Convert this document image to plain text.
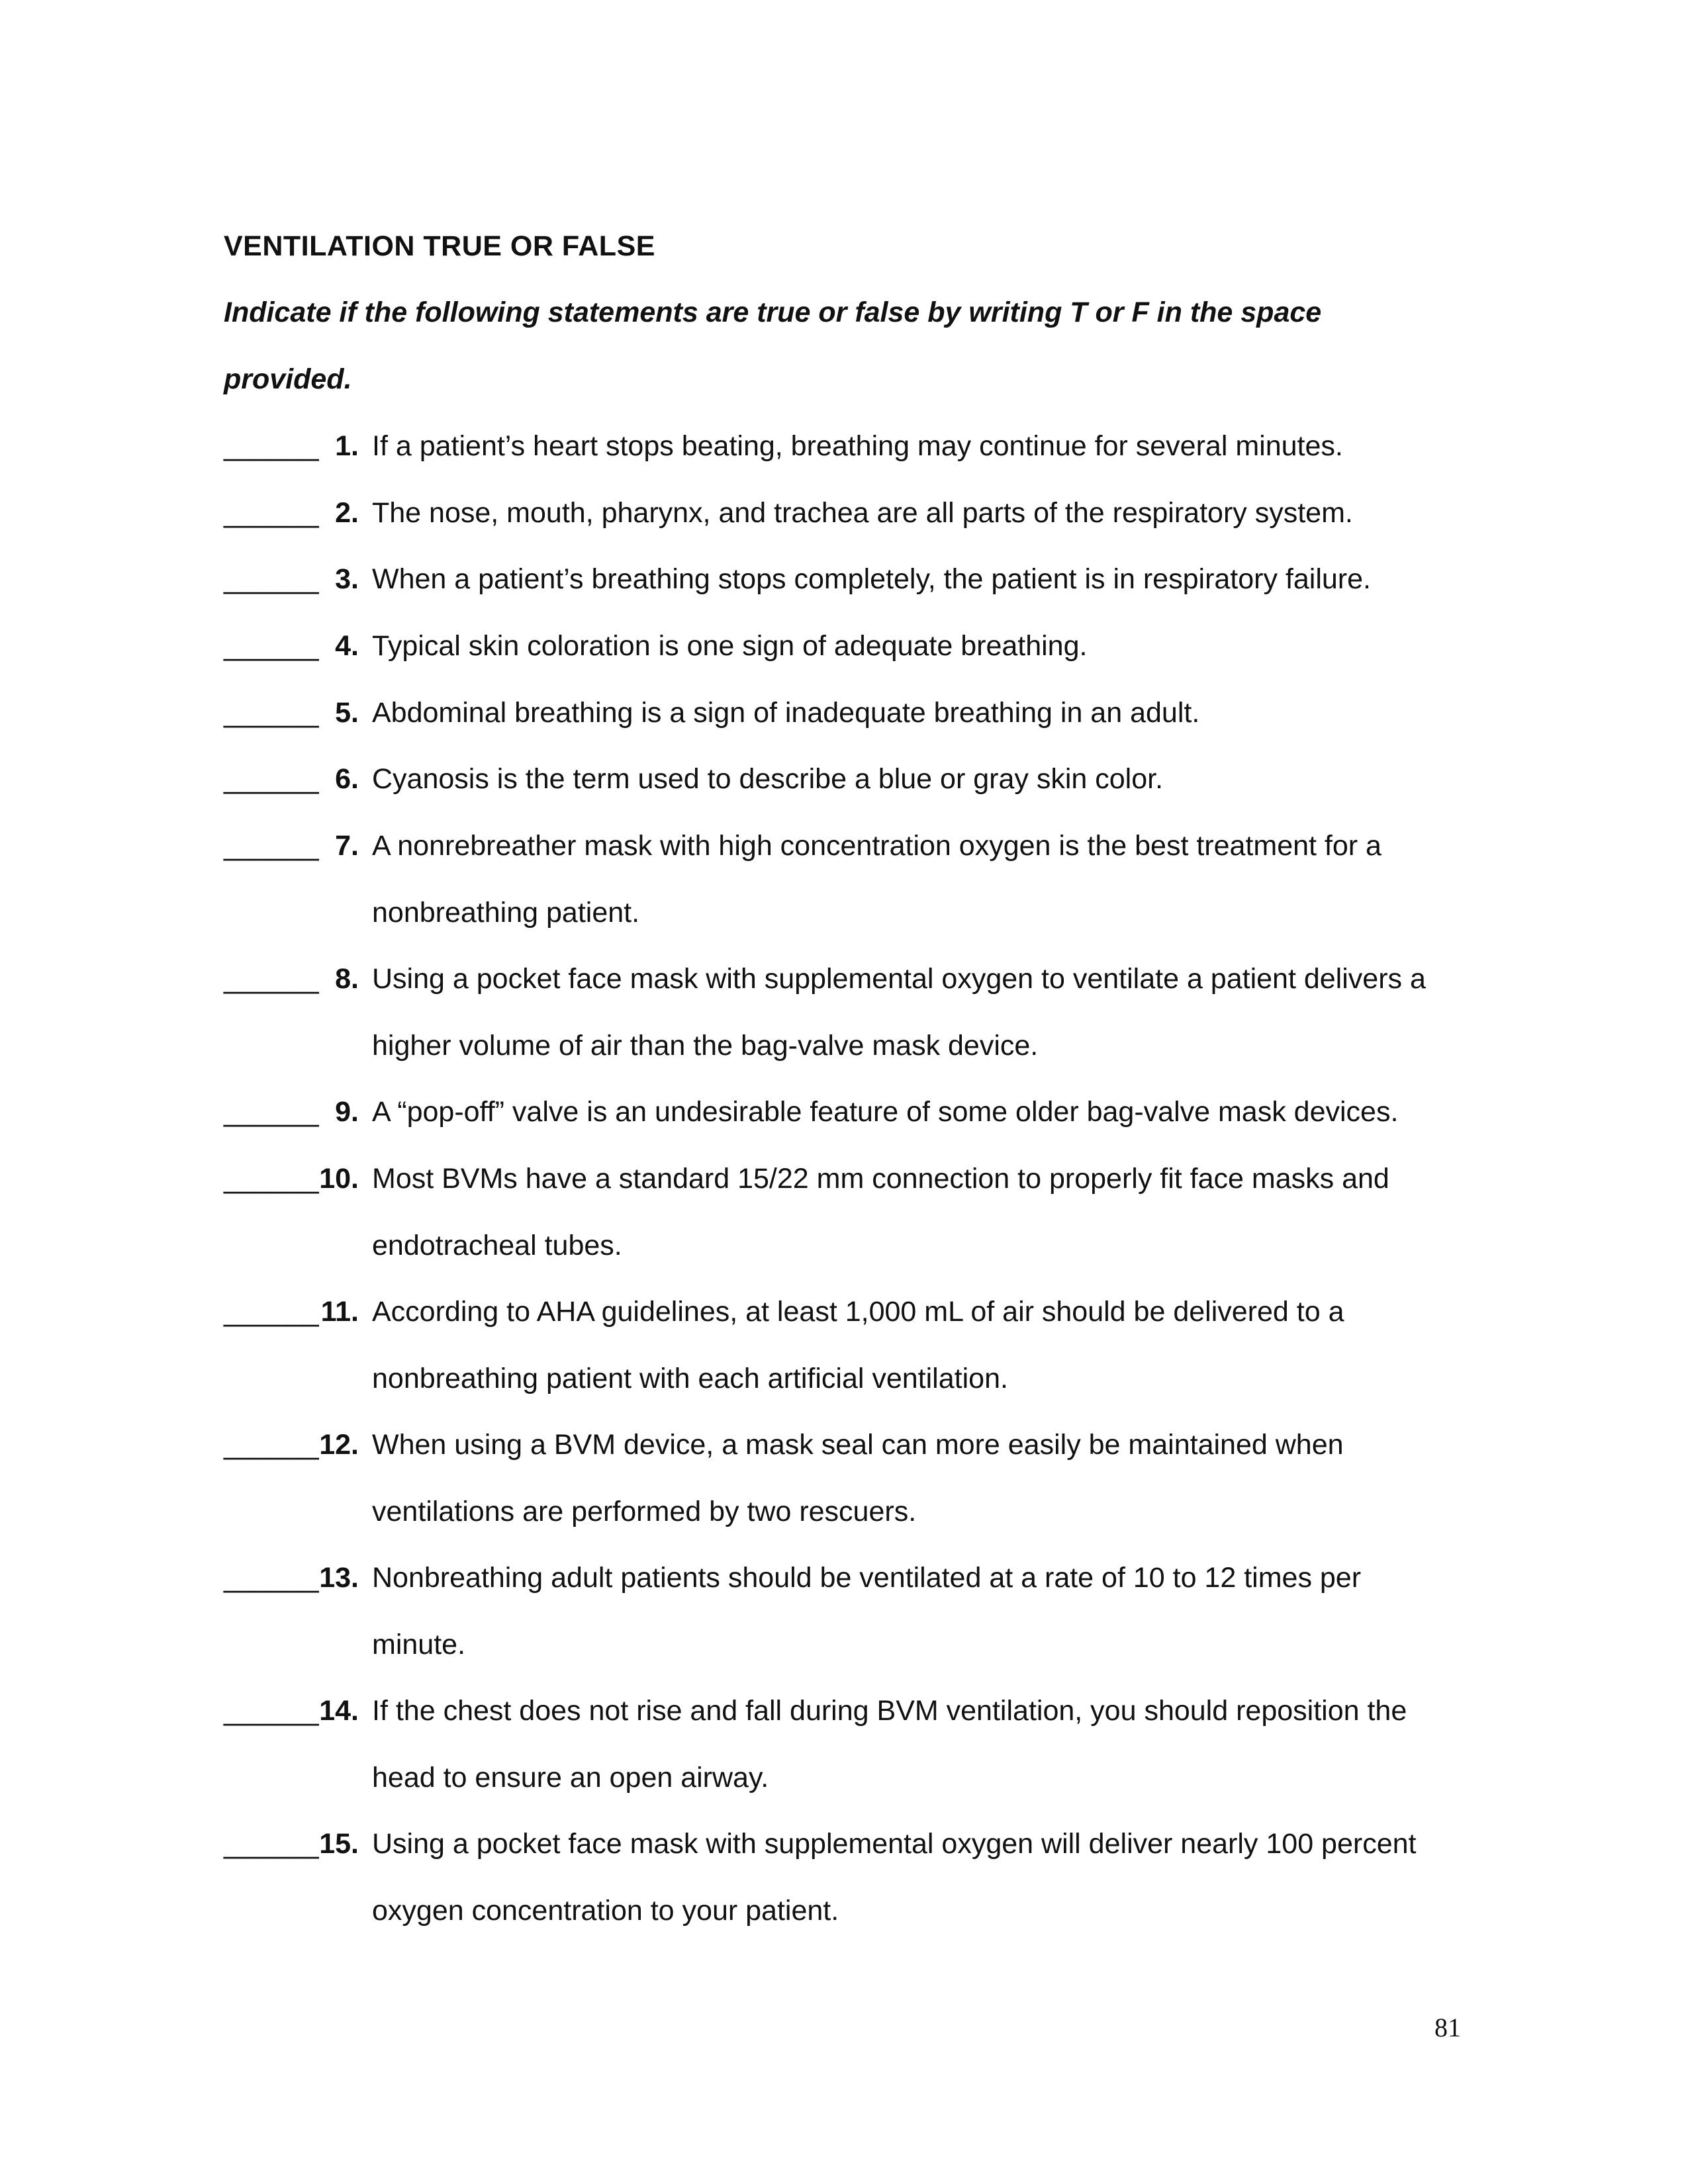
VENTILATION TRUE OR FALSE
Indicate if the following statements are true or false by writing T or F in the space
provided.
______ 1. If a patient’s heart stops beating, breathing may continue for several minutes.
______ 2. The nose, mouth, pharynx, and trachea are all parts of the respiratory system.
______ 3. When a patient’s breathing stops completely, the patient is in respiratory failure.
______ 4. Typical skin coloration is one sign of adequate breathing.
______ 5. Abdominal breathing is a sign of inadequate breathing in an adult.
______ 6. Cyanosis is the term used to describe a blue or gray skin color.
______ 7. A nonrebreather mask with high concentration oxygen is the best treatment for a
nonbreathing patient.
______ 8. Using a pocket face mask with supplemental oxygen to ventilate a patient delivers a
higher volume of air than the bag-valve mask device.
______ 9. A “pop-off” valve is an undesirable feature of some older bag-valve mask devices.
______ 10. Most BVMs have a standard 15/22 mm connection to properly fit face masks and
endotracheal tubes.
______ 11. According to AHA guidelines, at least 1,000 mL of air should be delivered to a
nonbreathing patient with each artificial ventilation.
______ 12. When using a BVM device, a mask seal can more easily be maintained when
ventilations are performed by two rescuers.
______ 13. Nonbreathing adult patients should be ventilated at a rate of 10 to 12 times per
minute.
______ 14. If the chest does not rise and fall during BVM ventilation, you should reposition the
head to ensure an open airway.
______ 15. Using a pocket face mask with supplemental oxygen will deliver nearly 100 percent
oxygen concentration to your patient.
81
